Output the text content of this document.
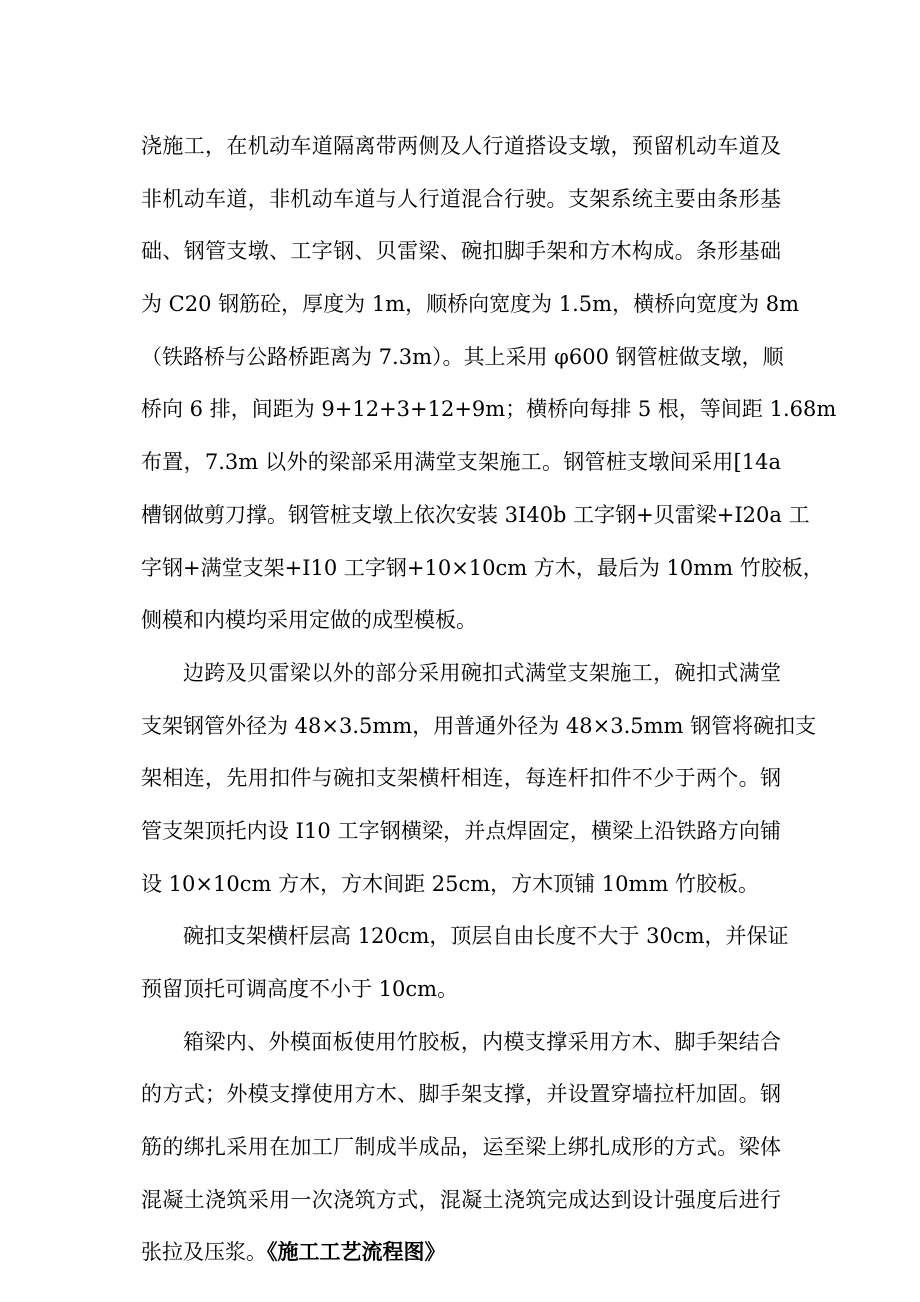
浇施工，在机动车道隔离带两侧及人行道搭设支墩，预留机动车道及
非机动车道，非机动车道与人行道混合行驶。支架系统主要由条形基
础、钢管支墩、工字钢、贝雷梁、碗扣脚手架和方木构成。条形基础
为 C20 钢筋砼，厚度为 1m，顺桥向宽度为 1.5m，横桥向宽度为 8m
（铁路桥与公路桥距离为 7.3m）。其上采用 φ600 钢管桩做支墩，顺
桥向 6 排，间距为 9+12+3+12+9m；横桥向每排 5 根，等间距 1.68m
布置，7.3m 以外的梁部采用满堂支架施工。钢管桩支墩间采用[14a
槽钢做剪刀撑。钢管桩支墩上依次安装 3I40b 工字钢+贝雷梁+I20a 工
字钢+满堂支架+I10 工字钢+10×10cm 方木，最后为 10mm 竹胶板，
侧模和内模均采用定做的成型模板。

边跨及贝雷梁以外的部分采用碗扣式满堂支架施工，碗扣式满堂
支架钢管外径为 48×3.5mm，用普通外径为 48×3.5mm 钢管将碗扣支
架相连，先用扣件与碗扣支架横杆相连，每连杆扣件不少于两个。钢
管支架顶托内设 I10 工字钢横梁，并点焊固定，横梁上沿铁路方向铺
设 10×10cm 方木，方木间距 25cm，方木顶铺 10mm 竹胶板。

碗扣支架横杆层高 120cm，顶层自由长度不大于 30cm，并保证
预留顶托可调高度不小于 10cm。

箱梁内、外模面板使用竹胶板，内模支撑采用方木、脚手架结合
的方式；外模支撑使用方木、脚手架支撑，并设置穿墙拉杆加固。钢
筋的绑扎采用在加工厂制成半成品，运至梁上绑扎成形的方式。梁体
混凝土浇筑采用一次浇筑方式，混凝土浇筑完成达到设计强度后进行
张拉及压浆。《施工工艺流程图》
